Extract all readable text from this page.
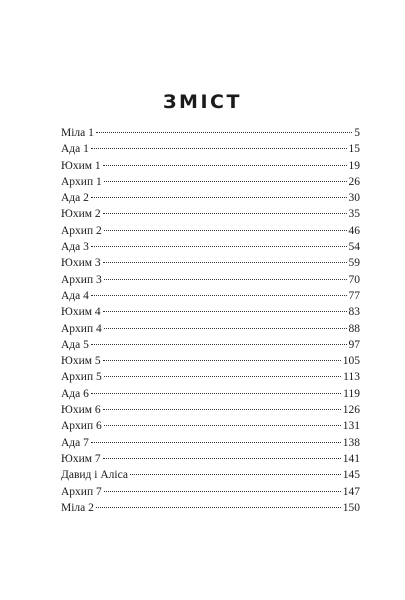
ЗМІСТ
Міла 1	5
Ада 1	15
Юхим 1	19
Архип 1	26
Ада 2	30
Юхим 2	35
Архип 2	46
Ада 3	54
Юхим 3	59
Архип 3	70
Ада 4	77
Юхим 4	83
Архип 4	88
Ада 5	97
Юхим 5	105
Архип 5	113
Ада 6	119
Юхим 6	126
Архип 6	131
Ада 7	138
Юхим 7	141
Давид і Аліса	145
Архип 7	147
Міла 2	150
